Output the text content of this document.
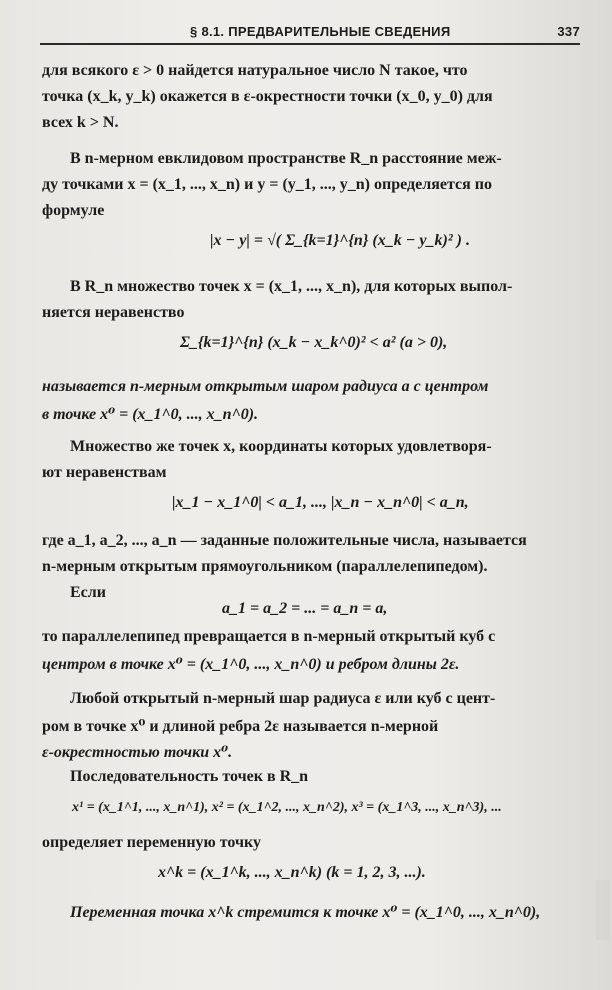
§ 8.1. ПРЕДВАРИТЕЛЬНЫЕ СВЕДЕНИЯ	337
для всякого ε > 0 найдется натуральное число N такое, что
точка (x_k, y_k) окажется в ε-окрестности точки (x_0, y_0) для
всех k > N.
В n-мерном евклидовом пространстве R_n расстояние меж-
ду точками x = (x_1, ..., x_n) и y = (y_1, ..., y_n) определяется по
формуле
|x − y| = √( Σ_{k=1}^{n} (x_k − y_k)² ) .
В R_n множество точек x = (x_1, ..., x_n), для которых выпол-
няется неравенство
Σ_{k=1}^{n} (x_k − x_k^0)² < a² (a > 0),
называется n-мерным открытым шаром радиуса a с центром
в точке x⁰ = (x_1^0, ..., x_n^0).
Множество же точек x, координаты которых удовлетворя-
ют неравенствам
|x_1 − x_1^0| < a_1, ..., |x_n − x_n^0| < a_n,
где a_1, a_2, ..., a_n — заданные положительные числа, называется
n-мерным открытым прямоугольником (параллелепипедом).
Если
a_1 = a_2 = ... = a_n = a,
то параллелепипед превращается в n-мерный открытый куб с
центром в точке x⁰ = (x_1^0, ..., x_n^0) и ребром длины 2ε.
Любой открытый n-мерный шар радиуса ε или куб с цент-
ром в точке x⁰ и длиной ребра 2ε называется n-мерной
ε-окрестностью точки x⁰.
Последовательность точек в R_n
x¹ = (x_1^1, ..., x_n^1), x² = (x_1^2, ..., x_n^2), x³ = (x_1^3, ..., x_n^3), ...
определяет переменную точку
x^k = (x_1^k, ..., x_n^k) (k = 1, 2, 3, ...).
Переменная точка x^k стремится к точке x⁰ = (x_1^0, ..., x_n^0),
